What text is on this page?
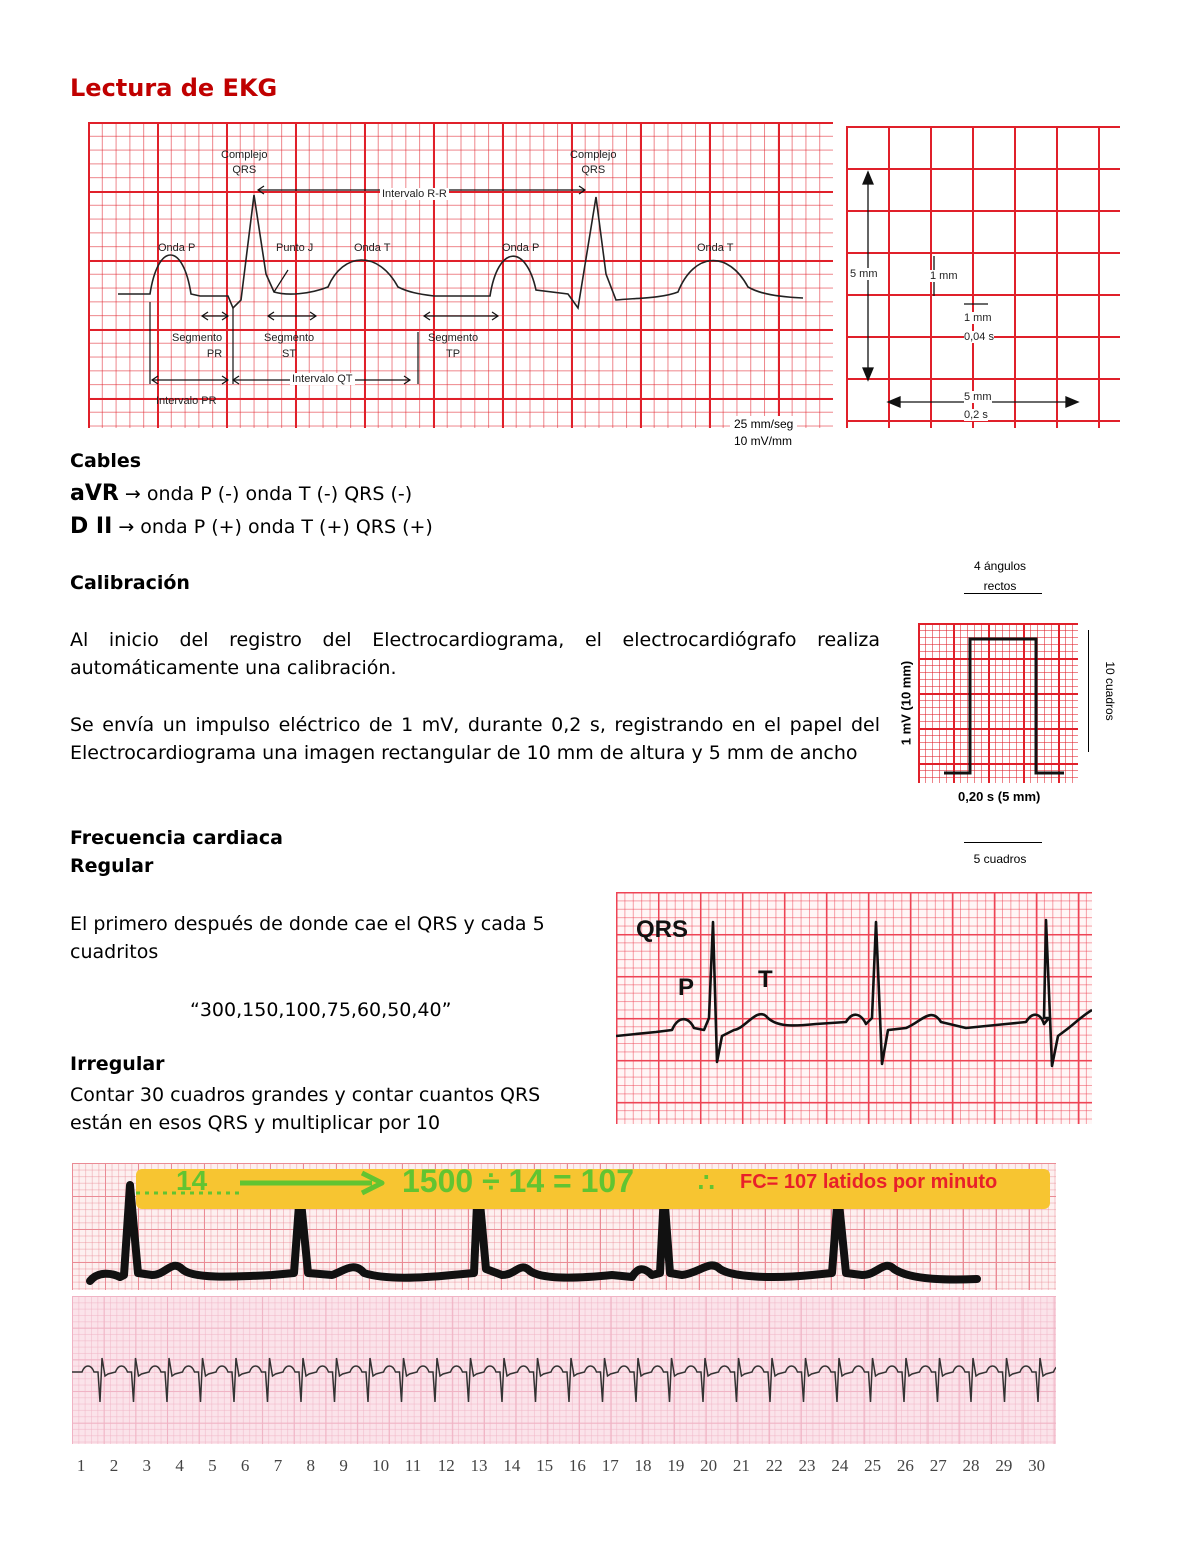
Lectura de EKG
Complejo
QRS
Complejo
QRS
Intervalo R-R
Onda P	Punto J	Onda T	Onda P	Onda T
Segmento
PR
Segmento
ST
Segmento
TP
Intervalo QT
Intervalo PR
25 mm/seg
10 mV/mm
5 mm	1 mm
1 mm
0,04 s
5 mm
0,2 s
Cables
aVR → onda P (-) onda T (-) QRS (-)
D II → onda P (+) onda T (+) QRS (+)
Calibración
Al inicio del registro del Electrocardiograma, el electrocardiógrafo realiza automáticamente una calibración.
Se envía un impulso eléctrico de 1 mV, durante 0,2 s, registrando en el papel del Electrocardiograma una imagen rectangular de 10 mm de altura y 5 mm de ancho
4 ángulos
rectos
1 mV (10 mm)
0,20 s (5 mm)
10 cuadros
5 cuadros
Frecuencia cardiaca
Regular
El primero después de donde cae el QRS y cada 5 cuadritos
“300,150,100,75,60,50,40”
Irregular
Contar 30 cuadros grandes y contar cuantos QRS están en esos QRS y multiplicar por 10
QRS
P	T
14	1500 ÷ 14 = 107 ∴ FC= 107 latidos por minuto
1 2 3 4 5 6 7 8 9 10 11 12 13 14 15 16 17 18 19 20 21 22 23 24 25 26 27 28 29 30
